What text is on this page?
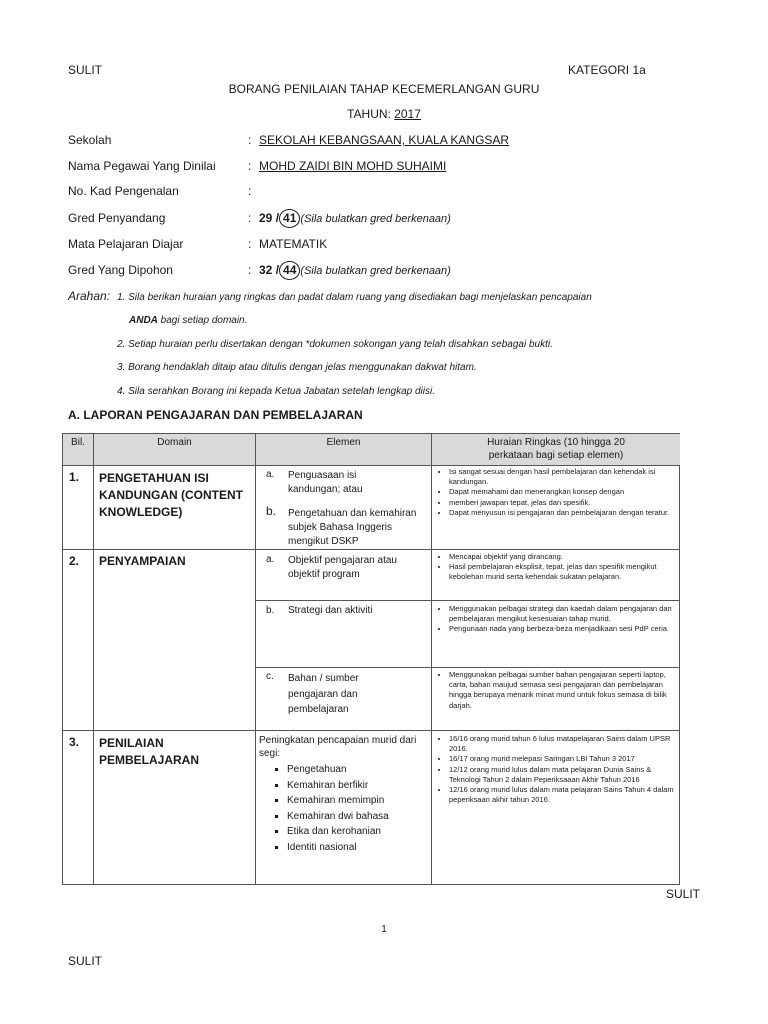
SULIT	KATEGORI 1a
BORANG PENILAIAN TAHAP KECEMERLANGAN GURU
TAHUN: 2017
Sekolah	: SEKOLAH KEBANGSAAN, KUALA KANGSAR
Nama Pegawai Yang Dinilai	: MOHD ZAIDI BIN MOHD SUHAIMI
No. Kad Pengenalan	:
Gred Penyandang	: 29 / 41 (Sila bulatkan gred berkenaan)
Mata Pelajaran Diajar	: MATEMATIK
Gred Yang Dipohon	: 32 / 44 (Sila bulatkan gred berkenaan)
Arahan: 1. Sila berikan huraian yang ringkas dan padat dalam ruang yang disediakan bagi menjelaskan pencapaian
ANDA bagi setiap domain.
2. Setiap huraian perlu disertakan dengan *dokumen sokongan yang telah disahkan sebagai bukti.
3. Borang hendaklah ditaip atau ditulis dengan jelas menggunakan dakwat hitam.
4. Sila serahkan Borang ini kepada Ketua Jabatan setelah lengkap diisi.
A. LAPORAN PENGAJARAN DAN PEMBELAJARAN
Bil.	Domain	Elemen	Huraian Ringkas (10 hingga 20
perkataan bagi setiap elemen)
1. PENGETAHUAN ISI KANDUNGAN (CONTENT KNOWLEDGE)
a. Penguasaan isi kandungan; atau
b. Pengetahuan dan kemahiran subjek Bahasa Inggeris mengikut DSKP
• Isi sangat sesuai dengan hasil pembelajaran dan kehendak isi kandungan.
• Dapat memahami dan menerangkan konsep dengan
• memberi jawapan tepat, jelas dan spesifik.
• Dapat menyusun isi pengajaran dan pembelajaran dengan teratur.
2. PENYAMPAIAN	a. Objektif pengajaran atau objektif program
• Mencapai objektif yang dirancang.
• Hasil pembelajaran eksplisit, tepat, jelas dan spesifik mengikut kebolehan murid serta kehendak sukatan pelajaran.
b. Strategi dan aktiviti
•	Menggunakan pelbagai strategi dan kaedah dalam pengajaran dan pembelajaran mengikut kesesuaian tahap murid.
• Pengunaan nada yang berbeza-beza menjadikaan sesi PdP ceria.
c. Bahan / sumber pengajaran dan pembelajaran
• Menggunakan pelbagai sumber bahan pengajaran seperti laptop, carta, bahan maujud semasa sesi pengajaran dan pembelajaran hingga berupaya menarik minat murid untuk fokus semasa di bilik darjah.
3. PENILAIAN PEMBELAJARAN
Peningkatan pencapaian murid dari segi:
▪ Pengetahuan
▪ Kemahiran berfikir
▪ Kemahiran memimpin
▪ Kemahiran dwi bahasa
▪ Etika dan kerohanian
▪ Identiti nasional
• 16/16 orang murid tahun 6 lulus matapelajaran Sains dalam UPSR 2016.
• 16/17 orang murid melepasi Saringan LBI Tahun 3 2017
• 12/12 orang murid lulus dalam mata pelajaran Dunia Sains & Teknologi Tahun 2 dalam Peperiksaaan Akhir Tahun 2016
• 12/16 orang murid lulus dalam mata pelajaran Sains Tahun 4 dalam peperiksaan akhir tahun 2016.
SULIT
1
SULIT
